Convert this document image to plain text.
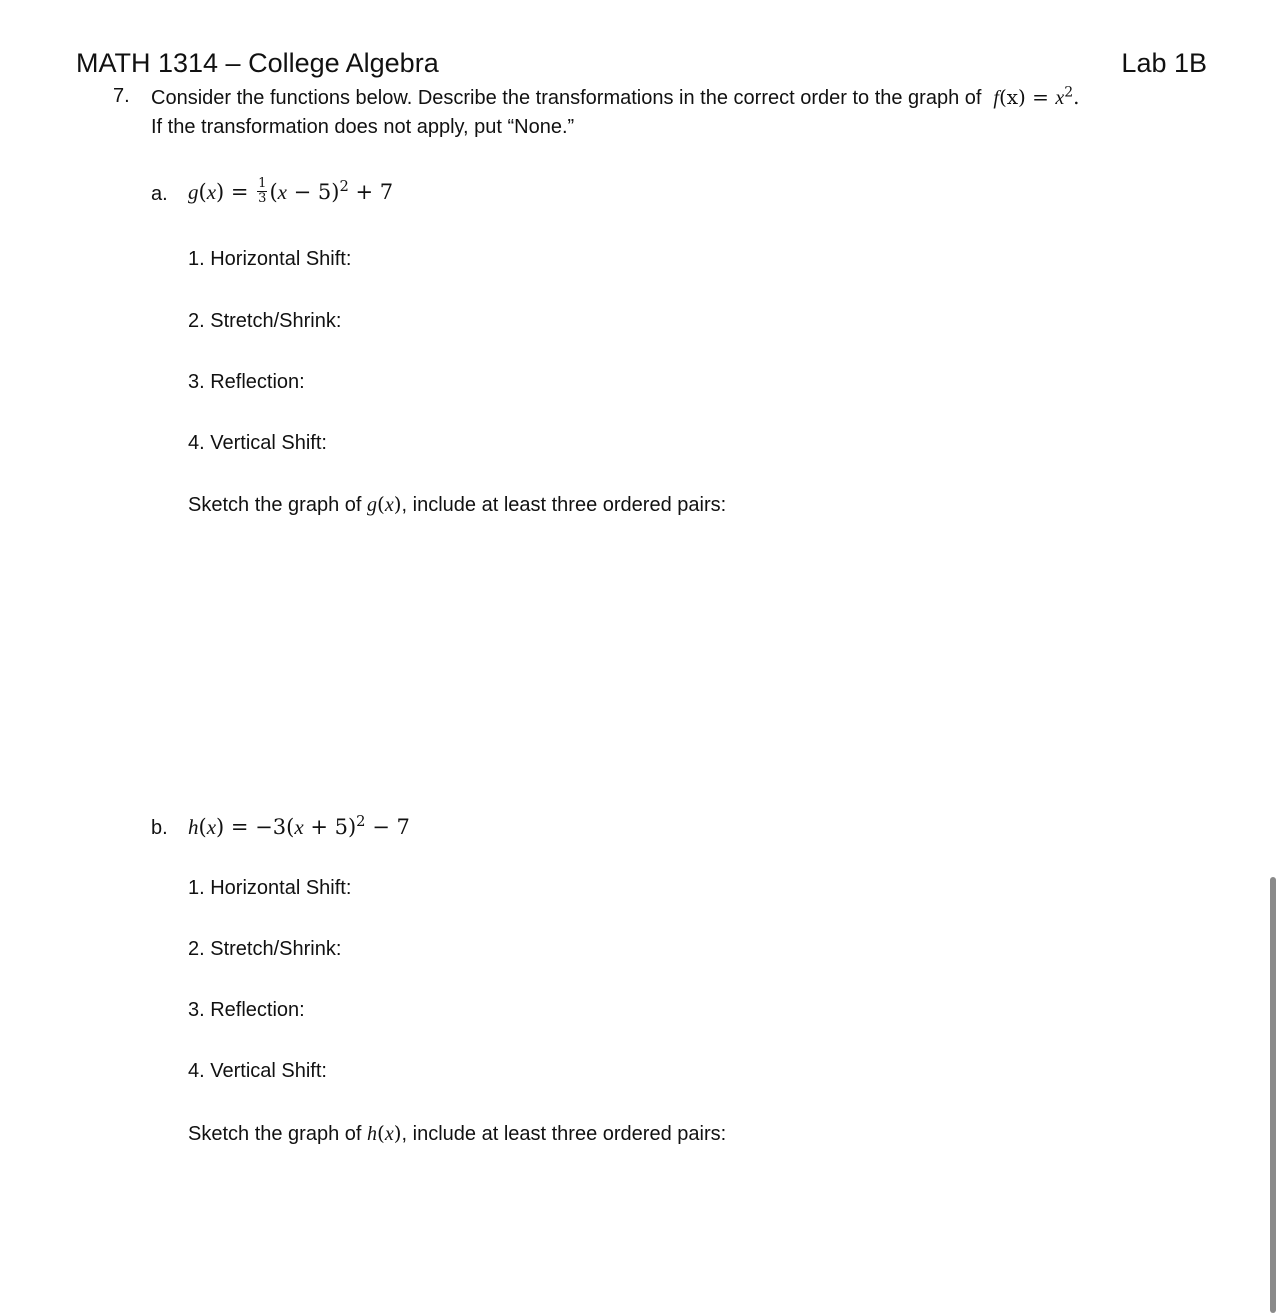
MATH 1314 – College Algebra	Lab 1B
7. Consider the functions below. Describe the transformations in the correct order to the graph of $f(x) = x^2$.
If the transformation does not apply, put “None.”
a. $g(x) = \frac{1}{3} (x - 5)^2 + 7$
1. Horizontal Shift:
2. Stretch/Shrink:
3. Reflection:
4. Vertical Shift:
Sketch the graph of g(x), include at least three ordered pairs:
b. $h(x) = -3(x + 5)^2 - 7$
1. Horizontal Shift:
2. Stretch/Shrink:
3. Reflection:
4. Vertical Shift:
Sketch the graph of h(x), include at least three ordered pairs:
